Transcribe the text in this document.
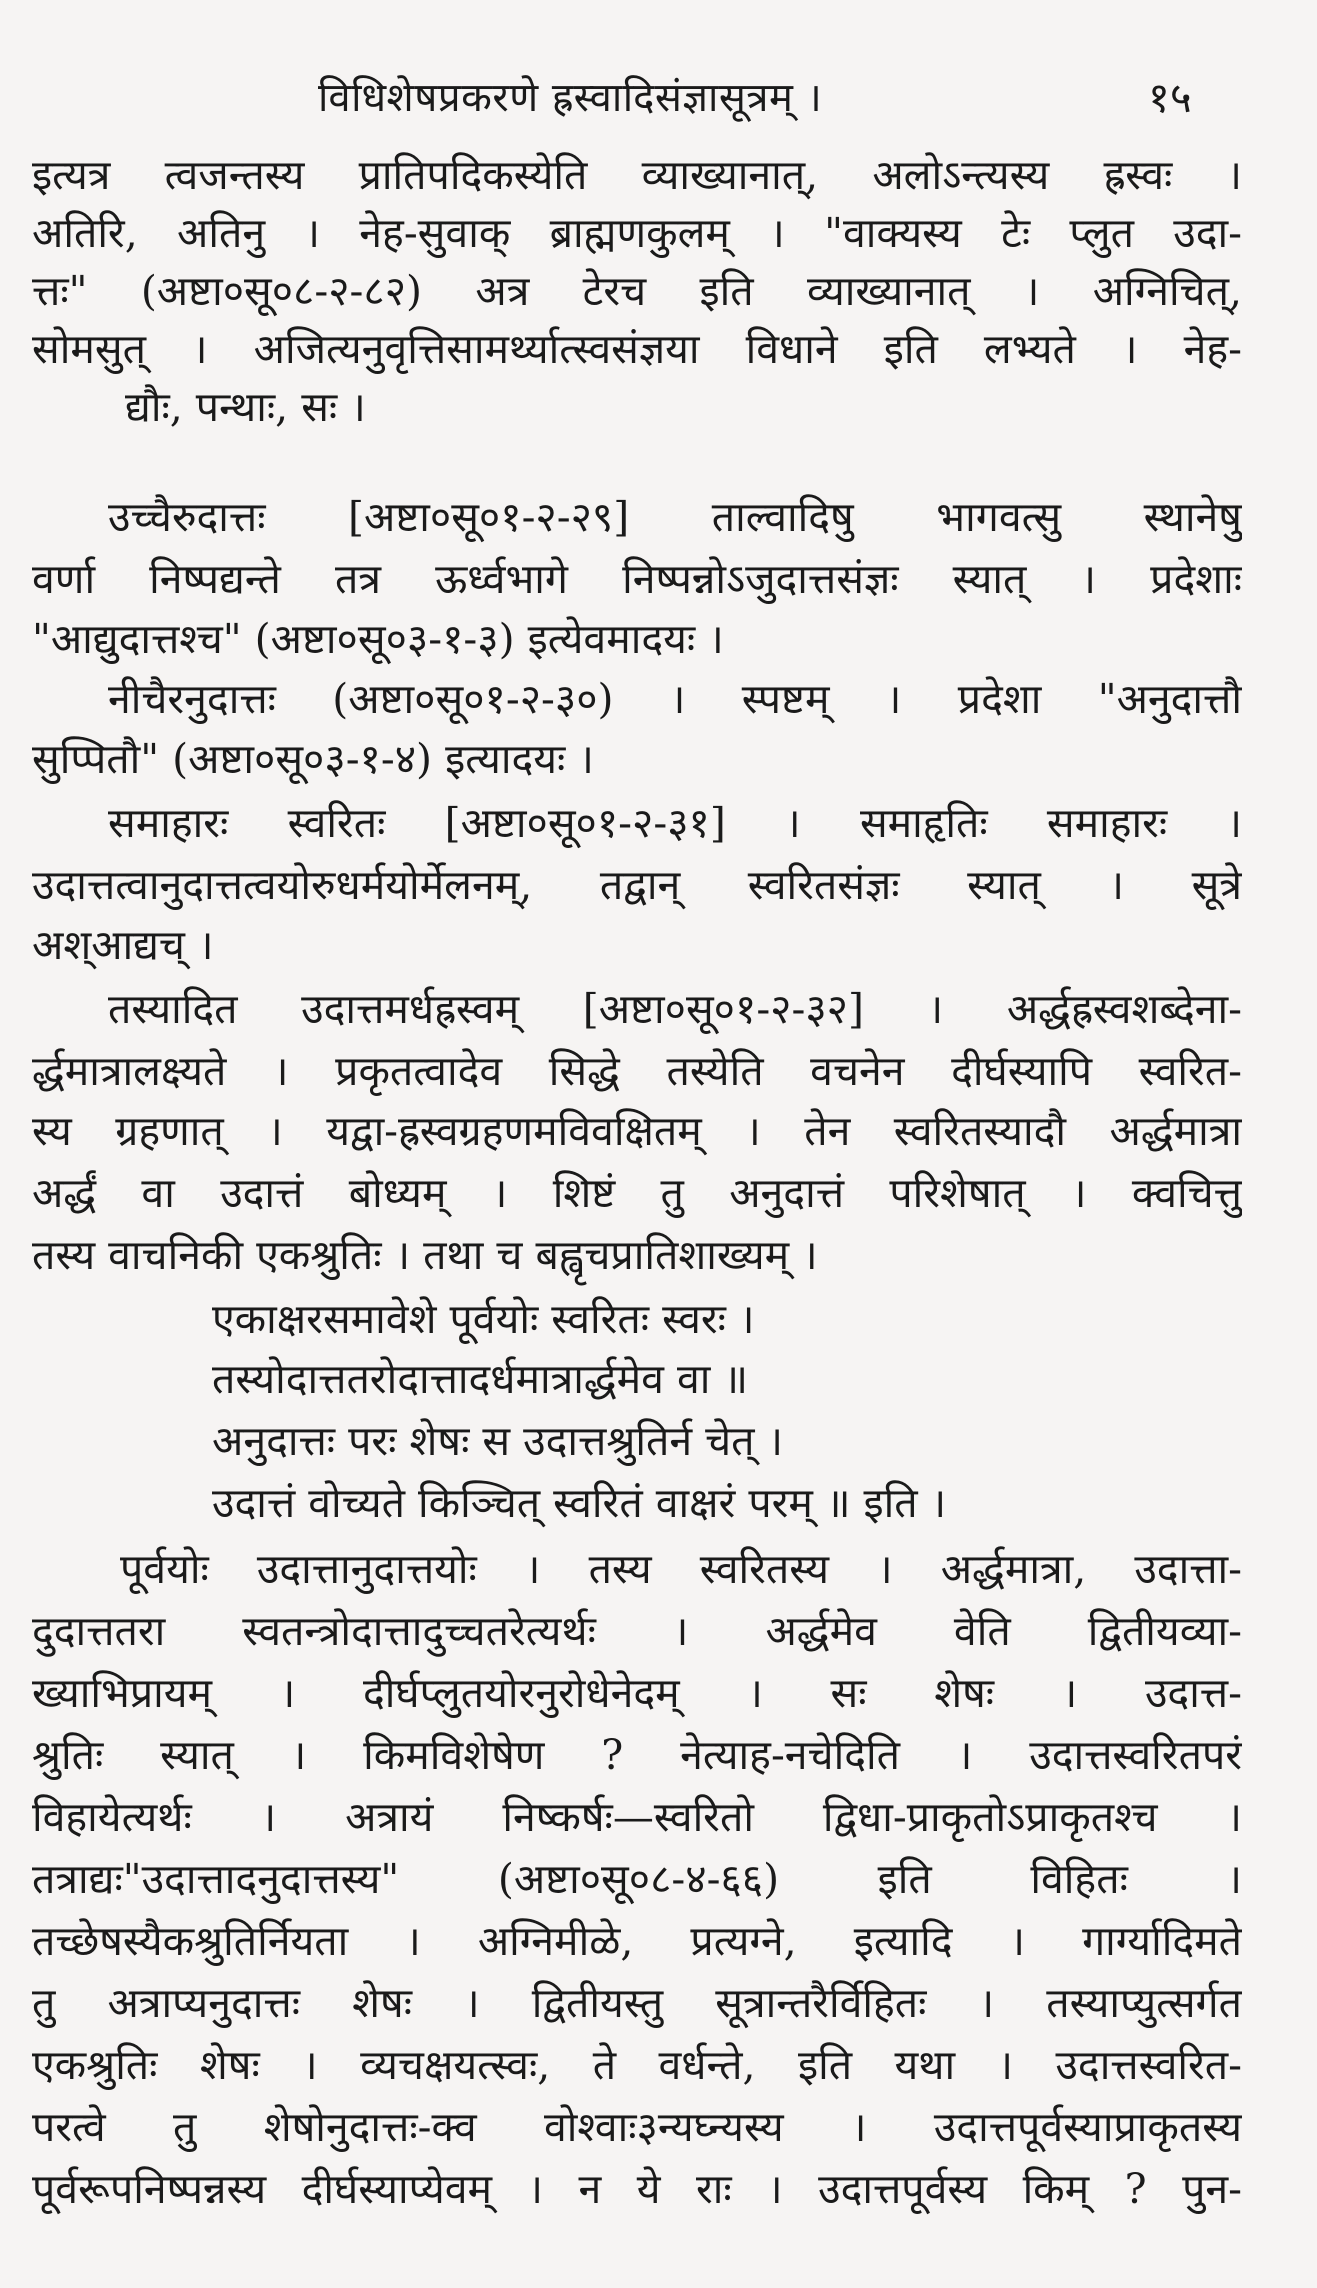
विधिशेषप्रकरणे ह्रस्वादिसंज्ञासूत्रम् ।	१५
इत्यत्र त्वजन्तस्य प्रातिपदिकस्येति व्याख्यानात्, अलोऽन्त्यस्य ह्रस्वः ।
अतिरि, अतिनु । नेह-सुवाक् ब्राह्मणकुलम् । "वाक्यस्य टेः प्लुत उदा-
त्तः" (अष्टा०सू०८-२-८२) अत्र टेरच इति व्याख्यानात् । अग्निचित्,
सोमसुत् । अजित्यनुवृत्तिसामर्थ्यात्स्वसंज्ञया विधाने इति लभ्यते । नेह-
द्यौः, पन्थाः, सः ।
उच्चैरुदात्तः [अष्टा०सू०१-२-२९] ताल्वादिषु भागवत्सु स्थानेषु
वर्णा निष्पद्यन्ते तत्र ऊर्ध्वभागे निष्पन्नोऽजुदात्तसंज्ञः स्यात् । प्रदेशाः
"आद्युदात्तश्च" (अष्टा०सू०३-१-३) इत्येवमादयः ।
नीचैरनुदात्तः (अष्टा०सू०१-२-३०) । स्पष्टम् । प्रदेशा "अनुदात्तौ
सुप्पितौ" (अष्टा०सू०३-१-४) इत्यादयः ।
समाहारः स्वरितः [अष्टा०सू०१-२-३१] । समाहृतिः समाहारः ।
उदात्तत्वानुदात्तत्वयोरुधर्मयोर्मेलनम्, तद्वान् स्वरितसंज्ञः स्यात् । सूत्रे
अश्आद्यच् ।
तस्यादित उदात्तमर्धह्रस्वम् [अष्टा०सू०१-२-३२] । अर्द्धह्रस्वशब्देना-
र्द्धमात्रालक्ष्यते । प्रकृतत्वादेव सिद्धे तस्येति वचनेन दीर्घस्यापि स्वरित-
स्य ग्रहणात् । यद्वा-ह्रस्वग्रहणमविवक्षितम् । तेन स्वरितस्यादौ अर्द्धमात्रा
अर्द्धं वा उदात्तं बोध्यम् । शिष्टं तु अनुदात्तं परिशेषात् । क्वचित्तु
तस्य वाचनिकी एकश्रुतिः । तथा च बह्वृचप्रातिशाख्यम् ।
एकाक्षरसमावेशे पूर्वयोः स्वरितः स्वरः ।
तस्योदात्ततरोदात्तादर्धमात्रार्द्धमेव वा ॥
अनुदात्तः परः शेषः स उदात्तश्रुतिर्न चेत् ।
उदात्तं वोच्यते किञ्चित् स्वरितं वाक्षरं परम् ॥ इति ।
पूर्वयोः उदात्तानुदात्तयोः । तस्य स्वरितस्य । अर्द्धमात्रा, उदात्ता-
दुदात्ततरा स्वतन्त्रोदात्तादुच्चतरेत्यर्थः । अर्द्धमेव वेति द्वितीयव्या-
ख्याभिप्रायम् । दीर्घप्लुतयोरनुरोधेनेदम् । सः शेषः । उदात्त-
श्रुतिः स्यात् । किमविशेषेण ? नेत्याह-नचेदिति । उदात्तस्वरितपरं
विहायेत्यर्थः । अत्रायं निष्कर्षः—स्वरितो द्विधा-प्राकृतोऽप्राकृतश्च ।
तत्राद्यः"उदात्तादनुदात्तस्य" (अष्टा०सू०८-४-६६) इति विहितः ।
तच्छेषस्यैकश्रुतिर्नियता । अग्निमीळे, प्रत्यग्ने, इत्यादि । गार्ग्यादिमते
तु अत्राप्यनुदात्तः शेषः । द्वितीयस्तु सूत्रान्तरैर्विहितः । तस्याप्युत्सर्गत
एकश्रुतिः शेषः । व्यचक्षयत्स्वः, ते वर्धन्ते, इति यथा । उदात्तस्वरित-
परत्वे तु शेषोनुदात्तः-क्व वोश्वाः३न्यघ्न्यस्य । उदात्तपूर्वस्याप्राकृतस्य
पूर्वरूपनिष्पन्नस्य दीर्घस्याप्येवम् । न ये राः । उदात्तपूर्वस्य किम् ? पुन-
